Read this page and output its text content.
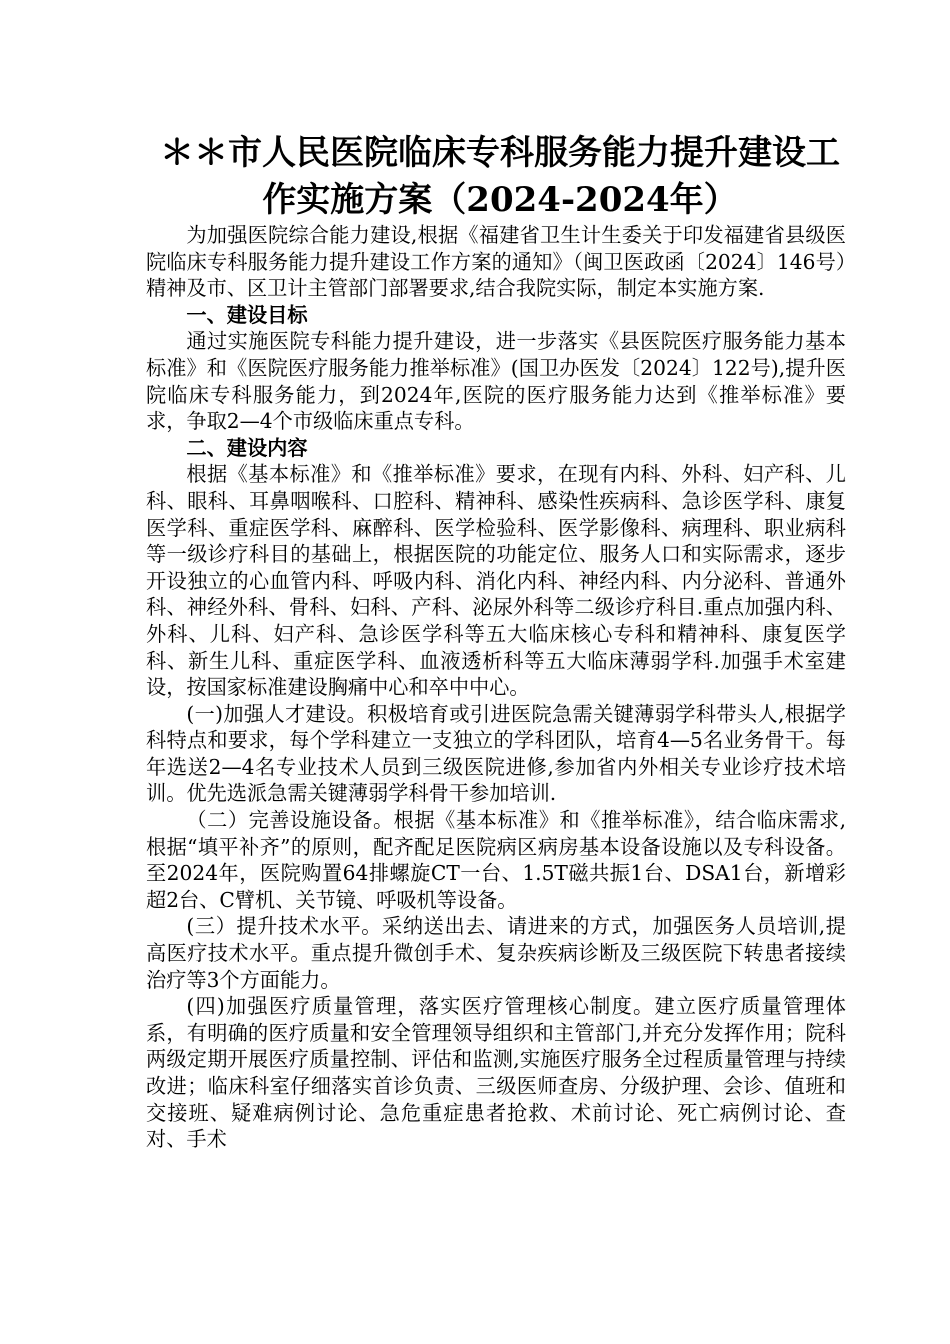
＊＊市人民医院临床专科服务能力提升建设工
作实施方案（2024-2024年）

为加强医院综合能力建设,根据《福建省卫生计生委关于印发福建省县级医院临床专科服务能力提升建设工作方案的通知》（闽卫医政函〔2024〕146号）精神及市、区卫计主管部门部署要求,结合我院实际，制定本实施方案.

一、建设目标

通过实施医院专科能力提升建设，进一步落实《县医院医疗服务能力基本标准》和《医院医疗服务能力推举标准》(国卫办医发〔2024〕122号),提升医院临床专科服务能力，到2024年,医院的医疗服务能力达到《推举标准》要求，争取2—4个市级临床重点专科。

二、建设内容

根据《基本标准》和《推举标准》要求，在现有内科、外科、妇产科、儿科、眼科、耳鼻咽喉科、口腔科、精神科、感染性疾病科、急诊医学科、康复医学科、重症医学科、麻醉科、医学检验科、医学影像科、病理科、职业病科等一级诊疗科目的基础上，根据医院的功能定位、服务人口和实际需求，逐步开设独立的心血管内科、呼吸内科、消化内科、神经内科、内分泌科、普通外科、神经外科、骨科、妇科、产科、泌尿外科等二级诊疗科目.重点加强内科、外科、儿科、妇产科、急诊医学科等五大临床核心专科和精神科、康复医学科、新生儿科、重症医学科、血液透析科等五大临床薄弱学科.加强手术室建设，按国家标准建设胸痛中心和卒中中心。

(一)加强人才建设。积极培育或引进医院急需关键薄弱学科带头人,根据学科特点和要求，每个学科建立一支独立的学科团队，培育4—5名业务骨干。每年选送2—4名专业技术人员到三级医院进修,参加省内外相关专业诊疗技术培训。优先选派急需关键薄弱学科骨干参加培训.

（二）完善设施设备。根据《基本标准》和《推举标准》，结合临床需求,根据“填平补齐”的原则，配齐配足医院病区病房基本设备设施以及专科设备。至2024年，医院购置64排螺旋CT一台、1.5T磁共振1台、DSA1台，新增彩超2台、C臂机、关节镜、呼吸机等设备。

(三）提升技术水平。采纳送出去、请进来的方式，加强医务人员培训,提高医疗技术水平。重点提升微创手术、复杂疾病诊断及三级医院下转患者接续治疗等3个方面能力。

(四)加强医疗质量管理，落实医疗管理核心制度。建立医疗质量管理体系，有明确的医疗质量和安全管理领导组织和主管部门,并充分发挥作用；院科两级定期开展医疗质量控制、评估和监测,实施医疗服务全过程质量管理与持续改进；临床科室仔细落实首诊负责、三级医师查房、分级护理、会诊、值班和交接班、疑难病例讨论、急危重症患者抢救、术前讨论、死亡病例讨论、查对、手术
